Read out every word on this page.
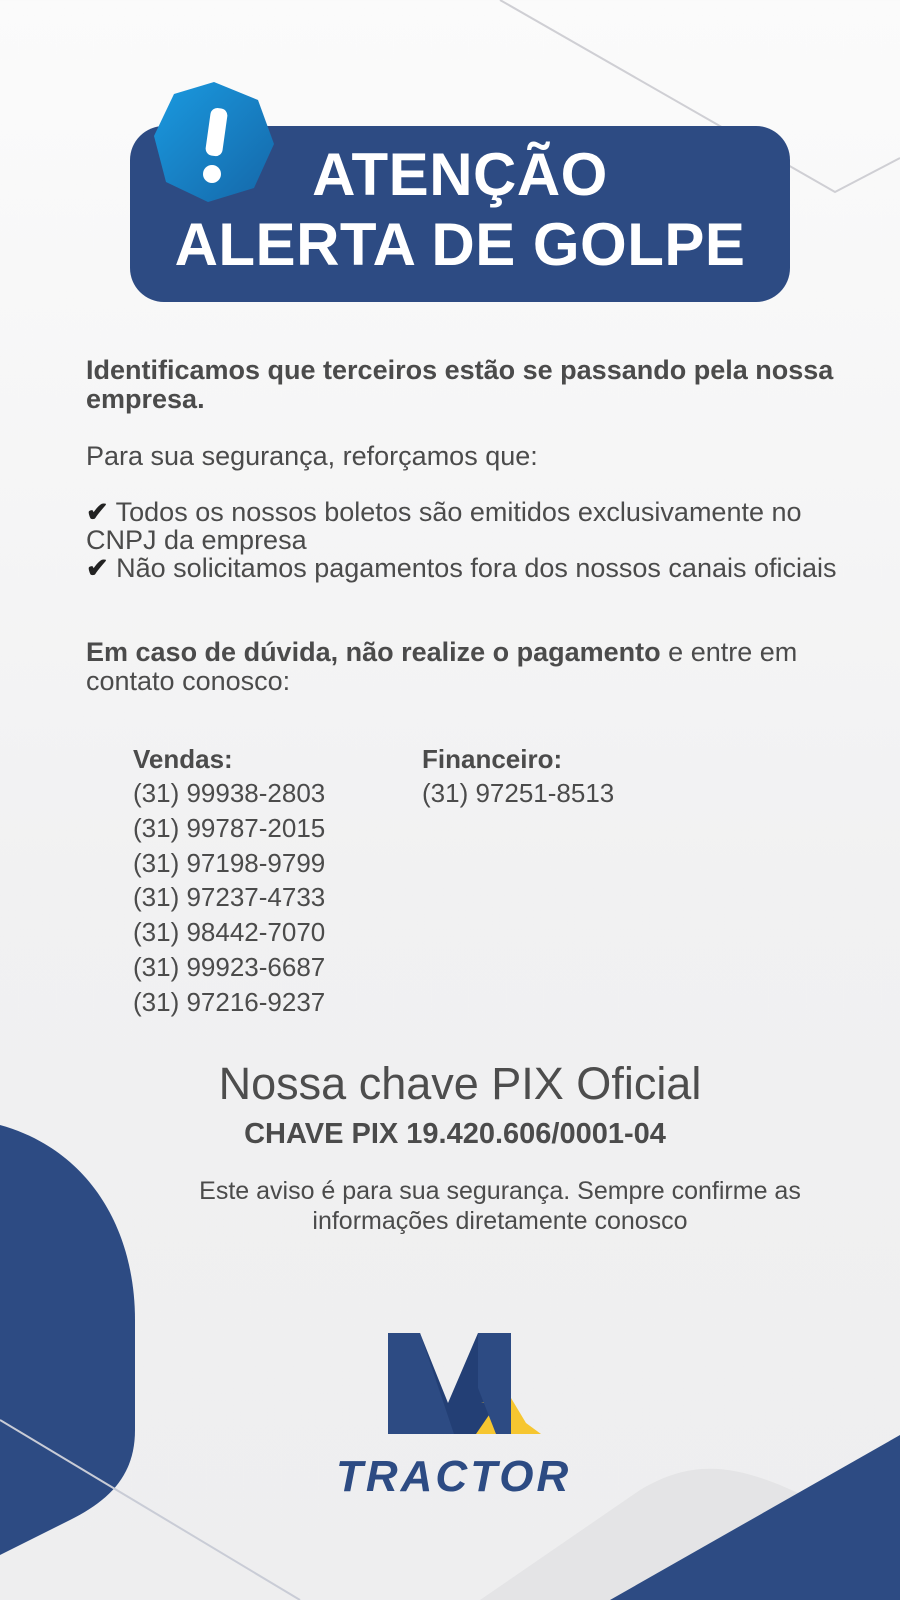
ATENÇÃO
ALERTA DE GOLPE
Identificamos que terceiros estão se passando pela nossa empresa.
Para sua segurança, reforçamos que:
✔ Todos os nossos boletos são emitidos exclusivamente no CNPJ da empresa
✔ Não solicitamos pagamentos fora dos nossos canais oficiais
Em caso de dúvida, não realize o pagamento e entre em contato conosco:
Vendas:
(31) 99938-2803
(31) 99787-2015
(31) 97198-9799
(31) 97237-4733
(31) 98442-7070
(31) 99923-6687
(31) 97216-9237
Financeiro:
(31) 97251-8513
Nossa chave PIX Oficial
CHAVE PIX 19.420.606/0001-04
Este aviso é para sua segurança. Sempre confirme as informações diretamente conosco
TRACTOR
